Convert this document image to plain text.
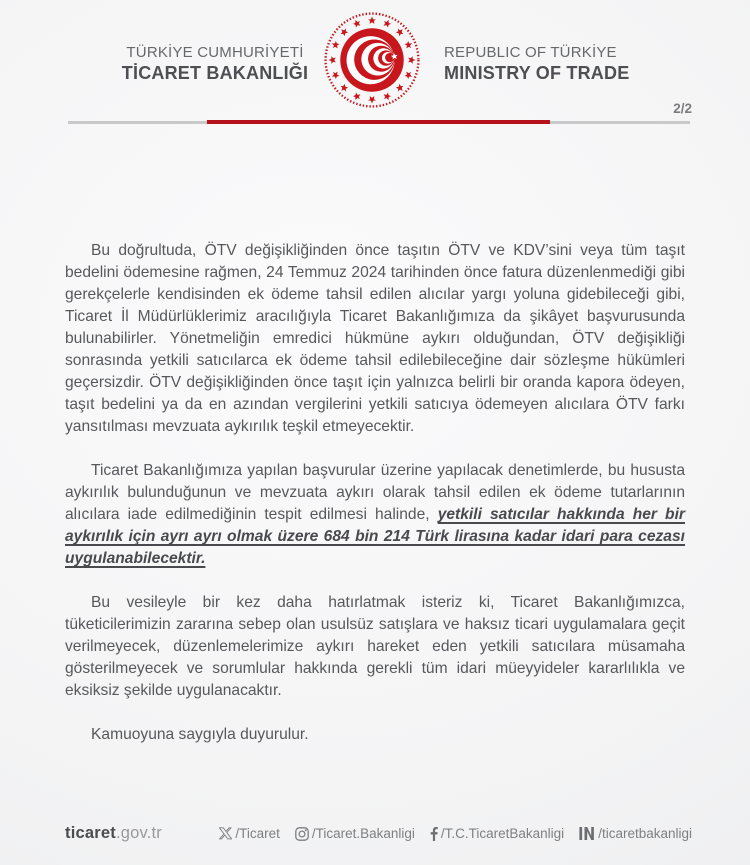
TÜRKİYE CUMHURİYETİ
TİCARET BAKANLIĞI
REPUBLIC OF TÜRKİYE
MINISTRY OF TRADE
2/2

Bu doğrultuda, ÖTV değişikliğinden önce taşıtın ÖTV ve KDV’sini veya tüm taşıt bedelini ödemesine rağmen, 24 Temmuz 2024 tarihinden önce fatura düzenlenmediği gibi gerekçelerle kendisinden ek ödeme tahsil edilen alıcılar yargı yoluna gidebileceği gibi, Ticaret İl Müdürlüklerimiz aracılığıyla Ticaret Bakanlığımıza da şikâyet başvurusunda bulunabilirler. Yönetmeliğin emredici hükmüne aykırı olduğundan, ÖTV değişikliği sonrasında yetkili satıcılarca ek ödeme tahsil edilebileceğine dair sözleşme hükümleri geçersizdir. ÖTV değişikliğinden önce taşıt için yalnızca belirli bir oranda kapora ödeyen, taşıt bedelini ya da en azından vergilerini yetkili satıcıya ödemeyen alıcılara ÖTV farkı yansıtılması mevzuata aykırılık teşkil etmeyecektir.

Ticaret Bakanlığımıza yapılan başvurular üzerine yapılacak denetimlerde, bu hususta aykırılık bulunduğunun ve mevzuata aykırı olarak tahsil edilen ek ödeme tutarlarının alıcılara iade edilmediğinin tespit edilmesi halinde, yetkili satıcılar hakkında her bir aykırılık için ayrı ayrı olmak üzere 684 bin 214 Türk lirasına kadar idari para cezası uygulanabilecektir.

Bu vesileyle bir kez daha hatırlatmak isteriz ki, Ticaret Bakanlığımızca, tüketicilerimizin zararına sebep olan usulsüz satışlara ve haksız ticari uygulamalara geçit verilmeyecek, düzenlemelerimize aykırı hareket eden yetkili satıcılara müsamaha gösterilmeyecek ve sorumlular hakkında gerekli tüm idari müeyyideler kararlılıkla ve eksiksiz şekilde uygulanacaktır.

Kamuoyuna saygıyla duyurulur.

ticaret.gov.tr	/Ticaret /Ticaret.Bakanligi /T.C.TicaretBakanligi	/ticaretbakanligi
